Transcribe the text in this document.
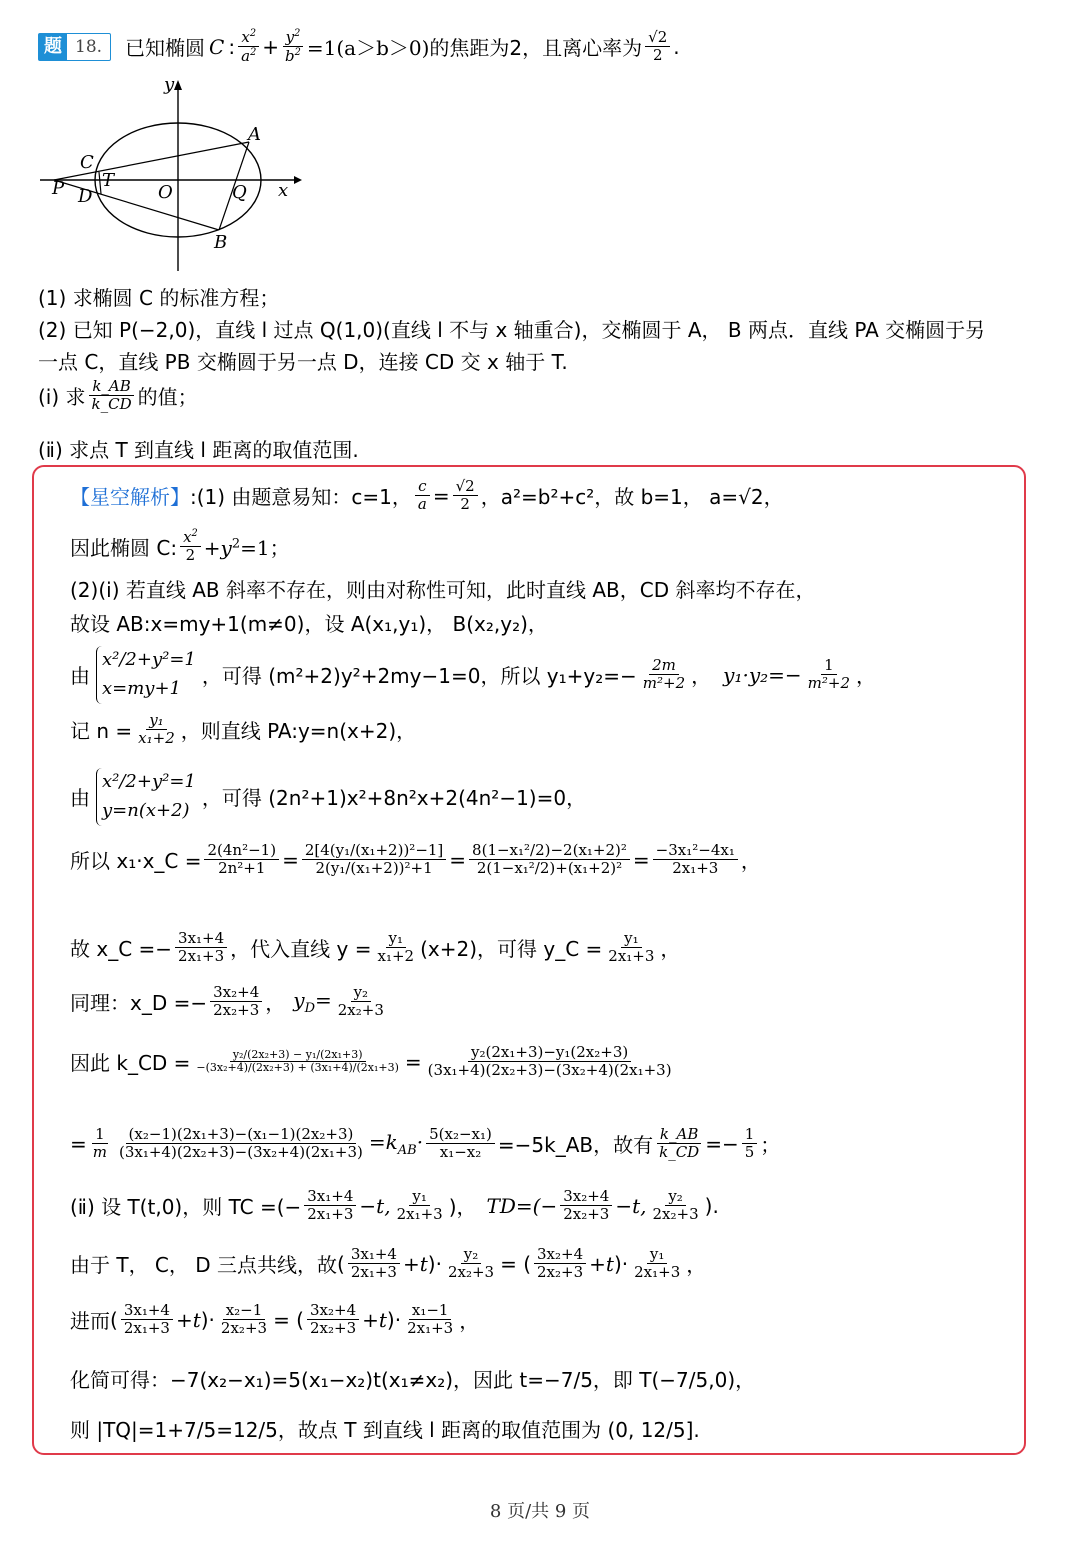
题 18.	已知椭圆 C : $\frac{x^2}{a^2} + \frac{y^2}{b^2} =1(a>b>0)$ 的焦距为2，且离心率为 $\frac{√2}{2}$ .
y
x
A
B
C
D
P T
O	Q
(1) 求椭圆 C 的标准方程；
(2) 已知 P(−2,0)，直线 l 过点 Q(1,0)(直线 l 不与 x 轴重合)，交椭圆于 A， B 两点．直线 PA 交椭圆于另
一点 C，直线 PB 交椭圆于另一点 D，连接 CD 交 x 轴于 T.
(ⅰ) 求 $\frac{k\_AB}{k\_CD}$ 的值；
(ⅱ) 求点 T 到直线 l 距离的取值范围.
【星空解析】 :(1) 由题意易知：c=1， $\frac{c}{a} = \frac{√2}{2}$ ，a²=b²+c²，故 b=1， a=√2，
因此椭圆 C: $\frac{x^2}{2} +y^2=1$；
(2)(ⅰ) 若直线 AB 斜率不存在，则由对称性可知，此时直线 AB，CD 斜率均不存在，
故设 AB:x=my+1(m≠0)，设 A(x₁,y₁)， B(x₂,y₂)，
由
x²/2+y²=1
x=my+1	，可得 (m²+2)y²+2my−1=0，所以 $y_1+y_2=- \frac{2m}{\text{m²+2}}$ ， $y_1\cdot y_2=- \frac{1}{\text{m²+2}}$ ，
记 $n = \frac{\text{y₁}}{\text{x₁+2}}$ ，则直线 PA:y=n(x+2)，
由
x²/2+y²=1
y=n(x+2) ，可得 (2n²+1)x²+8n²x+2(4n²−1)=0，
所以 x₁·x_C = $\frac{\text{2(4n²−1)}}{\text{2n²+1}} = \frac{\text{2[4(y₁/(x₁+2))²−1]}}{\text{2(y₁/(x₁+2))²+1}} = \frac{\text{8(1−x₁²/2)−2(x₁+2)²}}{\text{2(1−x₁²/2)+(x₁+2)²}} = \frac{\text{−3x₁²−4x₁}}{\text{2x₁+3}}$ ，
故 x_C =− $\frac{\text{3x₁+4}}{\text{2x₁+3}}$ ，代入直线 $y = \frac{\text{y₁}}{\text{x₁+2}} (x+2)$，可得 y_C = $\frac{\text{y₁}}{\text{2x₁+3}}$ ，
同理：x_D =− $\frac{\text{3x₂+4}}{\text{2x₂+3}}$ ， $y_D= \frac{\text{y₂}}{\text{2x₂+3}}$
因此 k_CD = $\frac{\text{y₂/(2x₂+3) − y₁/(2x₁+3)}}{\text{−(3x₂+4)/(2x₂+3) + (3x₁+4)/(2x₁+3)}} = \frac{\text{y₂(2x₁+3)−y₁(2x₂+3)}}{\text{(3x₁+4)(2x₂+3)−(3x₂+4)(2x₁+3)}}$
= $\frac{1}{m} \frac{\text{(x₂−1)(2x₁+3)−(x₁−1)(2x₂+3)}}{\text{(3x₁+4)(2x₂+3)−(3x₂+4)(2x₁+3)}} =k_{AB}\cdot \frac{\text{5(x₂−x₁)}}{\text{x₁−x₂}}$ =−5k_AB，故有 $\frac{k\_AB}{k\_CD} =- \frac{1}{5}$ ；
(ⅱ) 设 T(t,0)，则 TC =(− $\frac{\text{3x₁+4}}{\text{2x₁+3}} -t$, $\frac{\text{y₁}}{\text{2x₁+3}}$ )， $TD=(- \frac{\text{3x₂+4}}{\text{2x₂+3}} -t$, $\frac{\text{y₂}}{\text{2x₂+3}}$ ).
由于 T， C， D 三点共线，故 ( $\frac{\text{3x₁+4}}{\text{2x₁+3}} +t$ )· $\frac{\text{y₂}}{\text{2x₂+3}}$ = ( $\frac{\text{3x₂+4}}{\text{2x₂+3}} +t$ )· $\frac{\text{y₁}}{\text{2x₁+3}}$ ，
进而 ( $\frac{\text{3x₁+4}}{\text{2x₁+3}} +t$ )· $\frac{\text{x₂−1}}{\text{2x₂+3}}$ = ( $\frac{\text{3x₂+4}}{\text{2x₂+3}} +t$ )· $\frac{\text{x₁−1}}{\text{2x₁+3}}$ ，
化简可得：−7(x₂−x₁)=5(x₁−x₂)t(x₁≠x₂)，因此 t=−7/5，即 T(−7/5,0)，
则 |TQ|=1+7/5=12/5，故点 T 到直线 l 距离的取值范围为 (0, 12/5].
8 页/共 9 页
